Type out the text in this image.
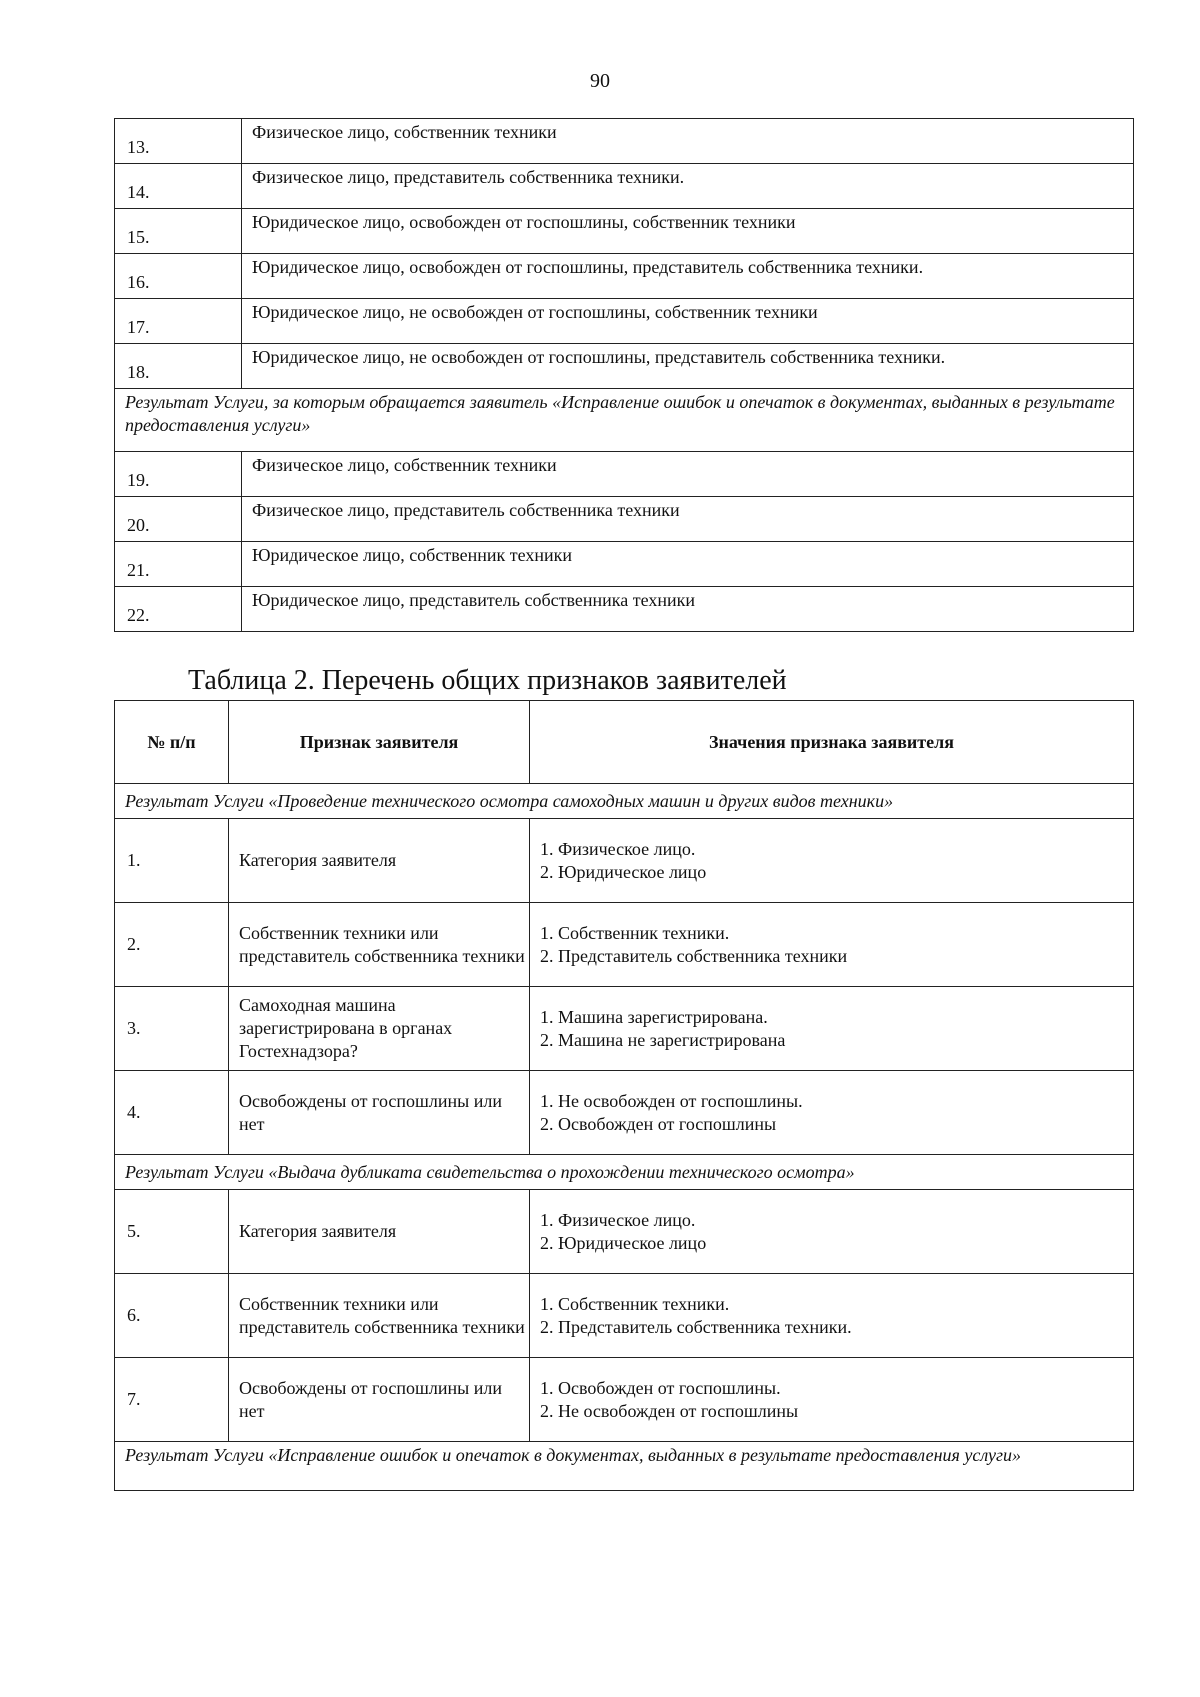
90
13.	Физическое лицо, собственник техники
14.	Физическое лицо, представитель собственника техники.
15.	Юридическое лицо, освобожден от госпошлины, собственник техники
16.	Юридическое лицо, освобожден от госпошлины, представитель собственника техники.
17.	Юридическое лицо, не освобожден от госпошлины, собственник техники
18.	Юридическое лицо, не освобожден от госпошлины, представитель собственника техники.
Результат Услуги, за которым обращается заявитель «Исправление ошибок и опечаток в документах, выданных в результате предоставления услуги»	
19.	Физическое лицо, собственник техники
20.	Физическое лицо, представитель собственника техники
21.	Юридическое лицо, собственник техники
22.	Юридическое лицо, представитель собственника техники
Таблица 2. Перечень общих признаков заявителей
№ п/п	Признак заявителя	Значения признака заявителя
Результат Услуги «Проведение технического осмотра самоходных машин и других видов техники»		
1.	Категория заявителя	1. Физическое лицо.
2. Юридическое лицо

2.	Собственник техники или представитель собственника техники	1. Собственник техники.
2. Представитель собственника техники

3.	Самоходная машина зарегистрирована в органах Гостехнадзора?	1. Машина зарегистрирована.
2. Машина не зарегистрирована

4.	Освобождены от госпошлины или нет	1. Не освобожден от госпошлины.
2. Освобожден от госпошлины

Результат Услуги «Выдача дубликата свидетельства о прохождении технического осмотра»		
5.	Категория заявителя	1. Физическое лицо.
2. Юридическое лицо

6.	Собственник техники или представитель собственника техники	1. Собственник техники.
2. Представитель собственника техники.

7.	Освобождены от госпошлины или нет	1. Освобожден от госпошлины.
2. Не освобожден от госпошлины

Результат Услуги «Исправление ошибок и опечаток в документах, выданных в результате предоставления услуги»		
